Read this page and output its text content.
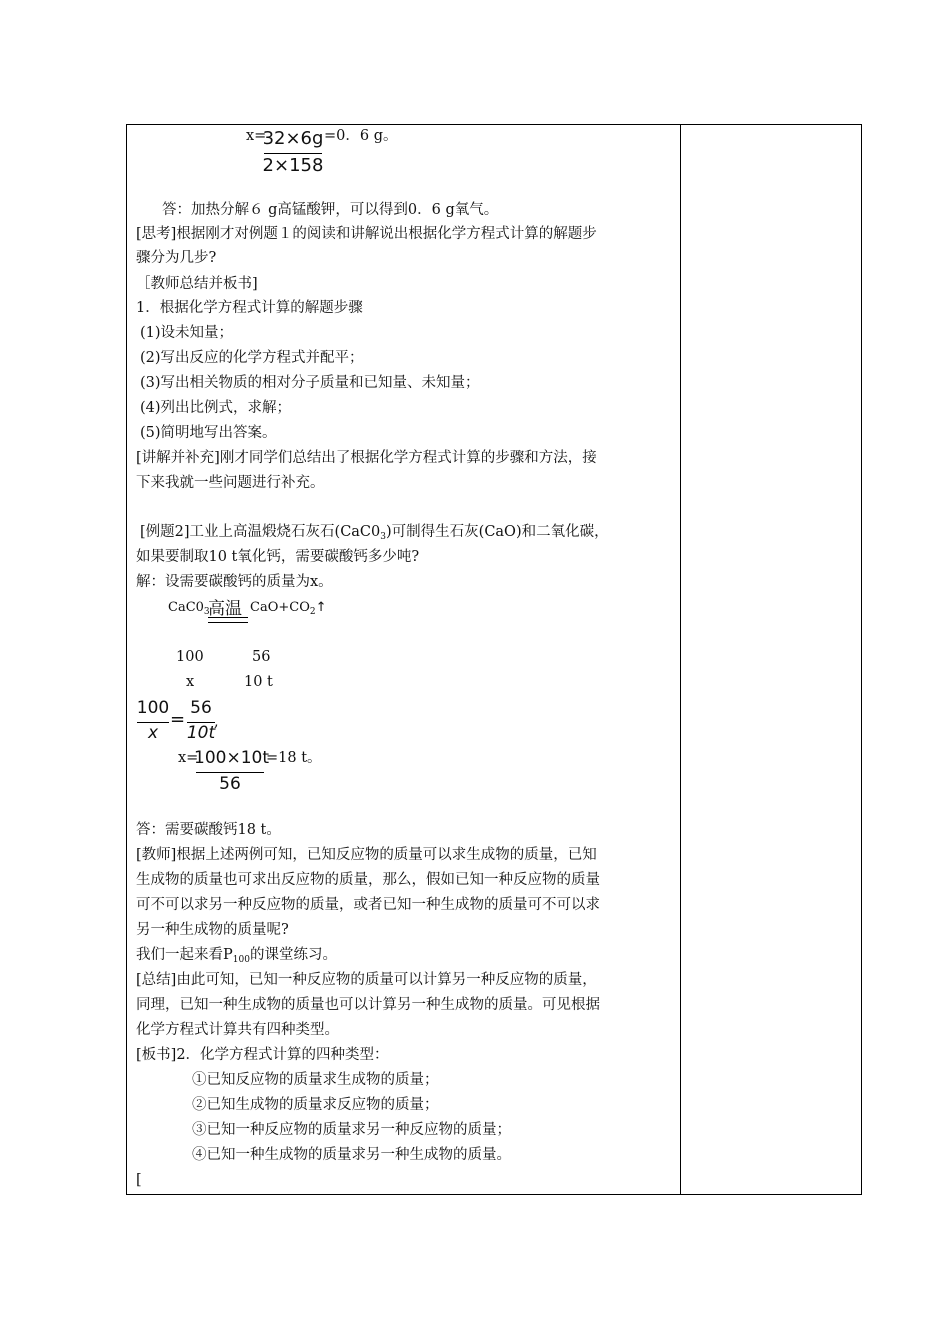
x=
32×6g
2×158
=0．6 g。
答：加热分解６ g高锰酸钾，可以得到0．6 g氧气。
[思考]根据刚才对例题１的阅读和讲解说出根据化学方程式计算的解题步
骤分为几步?
［教师总结并板书]
1．根据化学方程式计算的解题步骤
(1)设未知量；
(2)写出反应的化学方程式并配平；
(3)写出相关物质的相对分子质量和已知量、未知量；
(4)列出比例式，求解；
(5)简明地写出答案。
[讲解并补充]刚才同学们总结出了根据化学方程式计算的步骤和方法，接
下来我就一些问题进行补充。
[例题2]工业上高温煅烧石灰石$(CaC0_3)$可制得生石灰(CaO)和二氧化碳，
如果要制取10 t氧化钙，需要碳酸钙多少吨?
解：设需要碳酸钙的质量为x。
$CaC0_3$
高温 $CaO+CO_2↑$
100	56
x	10 t
100
x
=
56
10t
,
x=
100×10t
56
=18 t。
答：需要碳酸钙18 t。
[教师]根据上述两例可知，已知反应物的质量可以求生成物的质量，已知
生成物的质量也可求出反应物的质量，那么，假如已知一种反应物的质量
可不可以求另一种反应物的质量，或者已知一种生成物的质量可不可以求
另一种生成物的质量呢?
我们一起来看$P_{100}$的课堂练习。
[总结]由此可知，已知一种反应物的质量可以计算另一种反应物的质量，
同理，已知一种生成物的质量也可以计算另一种生成物的质量。可见根据
化学方程式计算共有四种类型。
[板书]2．化学方程式计算的四种类型：
①已知反应物的质量求生成物的质量；
②已知生成物的质量求反应物的质量；
③已知一种反应物的质量求另一种反应物的质量；
④已知一种生成物的质量求另一种生成物的质量。
[
